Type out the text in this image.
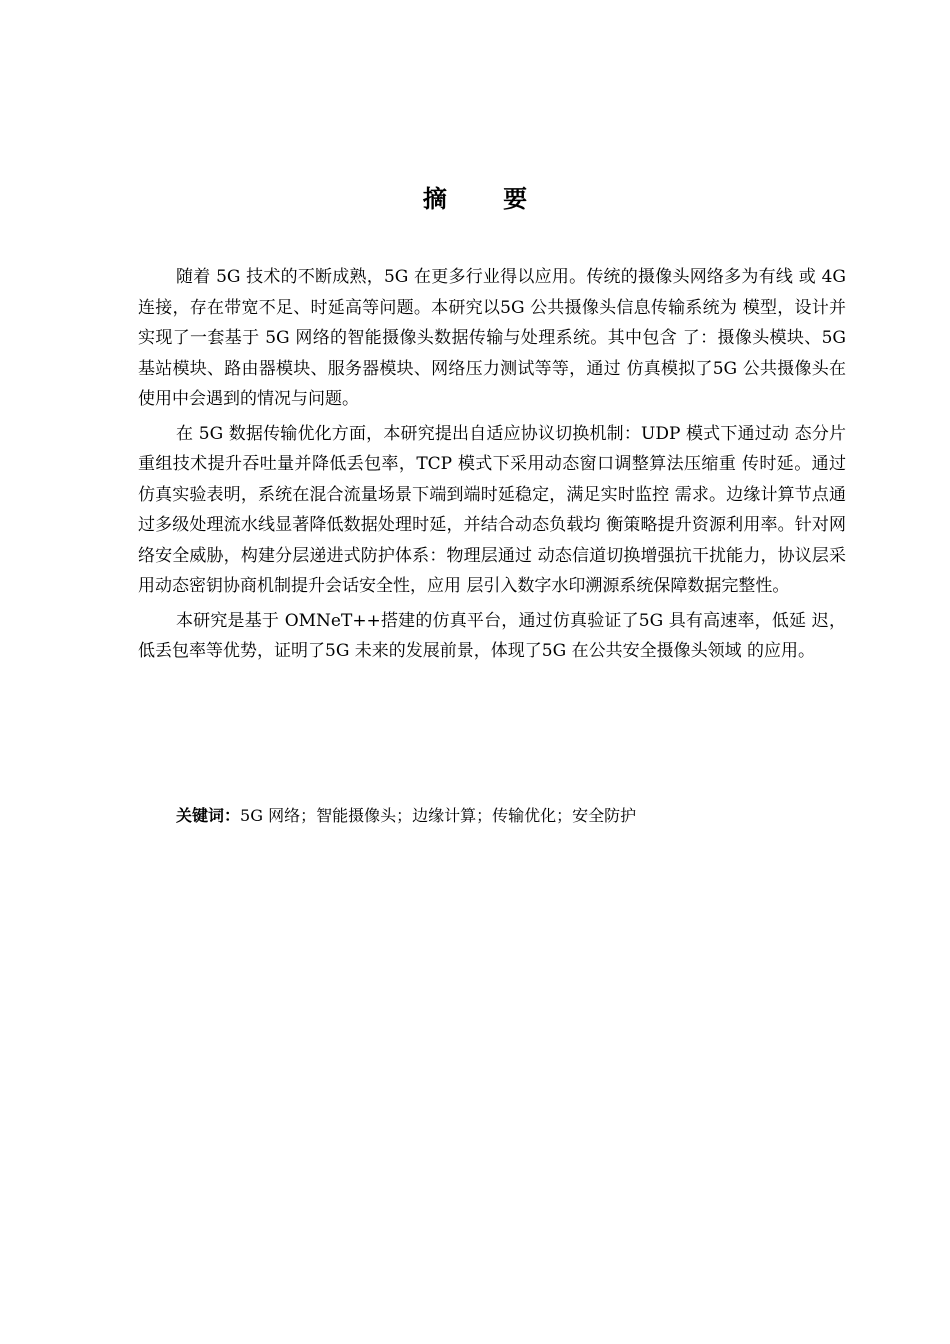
摘 要

随着 5G 技术的不断成熟，5G 在更多行业得以应用。传统的摄像头网络多为有线 或 4G 连接，存在带宽不足、时延高等问题。本研究以5G 公共摄像头信息传输系统为 模型，设计并实现了一套基于 5G 网络的智能摄像头数据传输与处理系统。其中包含 了：摄像头模块、5G 基站模块、路由器模块、服务器模块、网络压力测试等等，通过 仿真模拟了5G 公共摄像头在使用中会遇到的情况与问题。

在 5G 数据传输优化方面，本研究提出自适应协议切换机制：UDP 模式下通过动 态分片重组技术提升吞吐量并降低丢包率，TCP 模式下采用动态窗口调整算法压缩重 传时延。通过仿真实验表明，系统在混合流量场景下端到端时延稳定，满足实时监控 需求。边缘计算节点通过多级处理流水线显著降低数据处理时延，并结合动态负载均 衡策略提升资源利用率。针对网络安全威胁，构建分层递进式防护体系：物理层通过 动态信道切换增强抗干扰能力，协议层采用动态密钥协商机制提升会话安全性，应用 层引入数字水印溯源系统保障数据完整性。

本研究是基于 OMNeT++搭建的仿真平台，通过仿真验证了5G 具有高速率，低延 迟，低丢包率等优势，证明了5G 未来的发展前景，体现了5G 在公共安全摄像头领域 的应用。

关键词：5G 网络；智能摄像头；边缘计算；传输优化；安全防护
